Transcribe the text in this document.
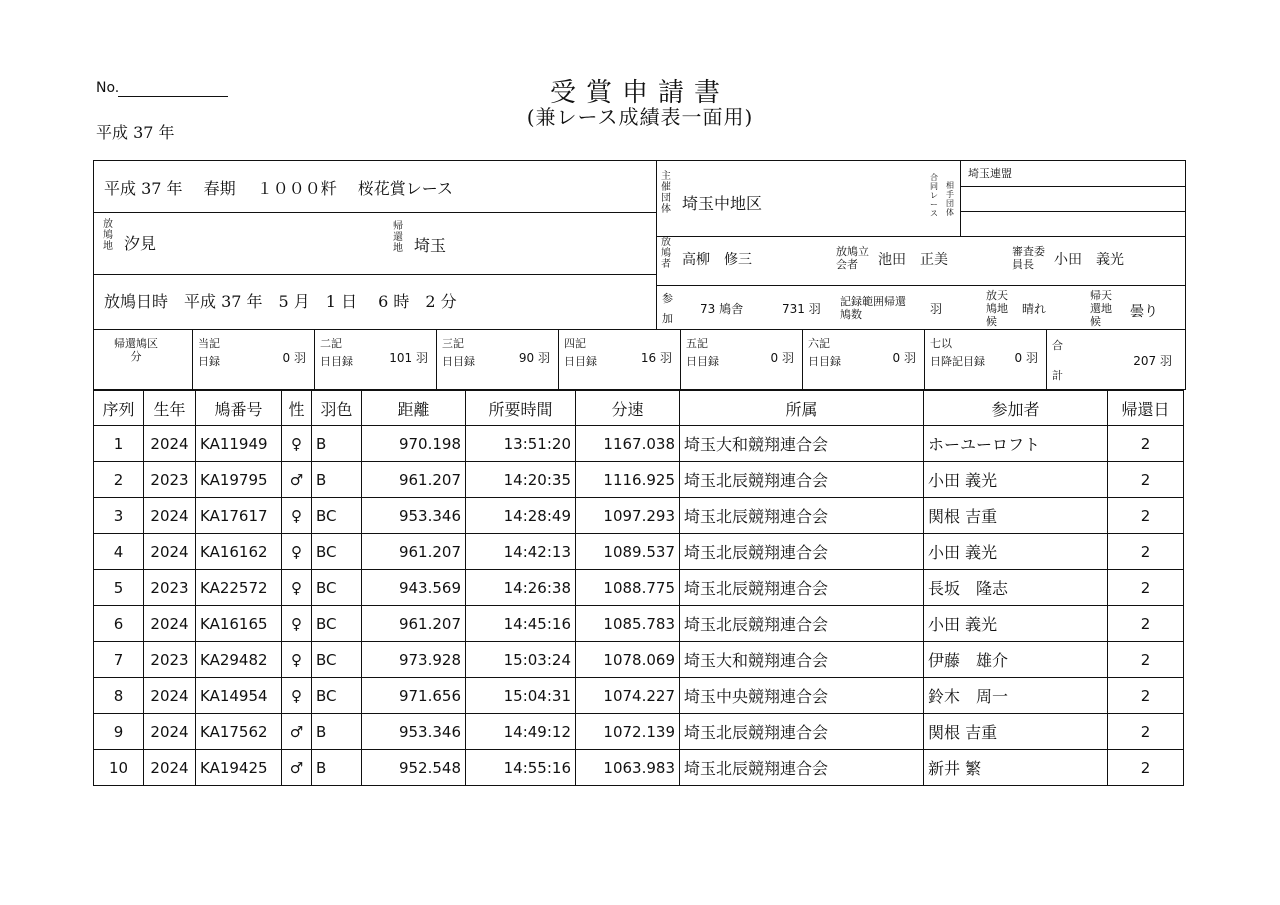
No.
平成 37 年
受賞申請書
(兼レース成績表一面用)
平成 37 年　 春期　 １０００粁　 桜花賞レース
放鳩地 汐見
帰還地 埼玉
放鳩日時　平成 37 年　5 月　1 日　 6 時　2 分
主催団体 埼玉中地区
合同レース
相手団体
埼玉連盟
放鳩者 高柳　修三
放鳩立会者	池田　正美
審査委員長	小田　義光
参加
73 鳩舎	731 羽
記録範囲帰還鳩数	羽
放天鳩地候
晴れ
帰天還地候
曇り
帰還鳩区分
当記
日録	0 羽
二記
日目録	101 羽
三記
日目録	90 羽
四記
日目録	16 羽
五記
日目録	0 羽
六記
日目録	0 羽
七以
日降記目録	0 羽
合
計
207 羽
序列	生年	鳩番号	性	羽色	距離	所要時間	分速	所属	参加者	帰還日
1	2024	KA11949	♀	B	970.198	13:51:20	1167.038	埼玉大和競翔連合会	ホーユーロフト	2
2	2023	KA19795	♂	B	961.207	14:20:35	1116.925	埼玉北辰競翔連合会	小田 義光	2
3	2024	KA17617	♀	BC	953.346	14:28:49	1097.293	埼玉北辰競翔連合会	関根 吉重	2
4	2024	KA16162	♀	BC	961.207	14:42:13	1089.537	埼玉北辰競翔連合会	小田 義光	2
5	2023	KA22572	♀	BC	943.569	14:26:38	1088.775	埼玉北辰競翔連合会	長坂　隆志	2
6	2024	KA16165	♀	BC	961.207	14:45:16	1085.783	埼玉北辰競翔連合会	小田 義光	2
7	2023	KA29482	♀	BC	973.928	15:03:24	1078.069	埼玉大和競翔連合会	伊藤　雄介	2
8	2024	KA14954	♀	BC	971.656	15:04:31	1074.227	埼玉中央競翔連合会	鈴木　周一	2
9	2024	KA17562	♂	B	953.346	14:49:12	1072.139	埼玉北辰競翔連合会	関根 吉重	2
10	2024	KA19425	♂	B	952.548	14:55:16	1063.983	埼玉北辰競翔連合会	新井 繁	2
